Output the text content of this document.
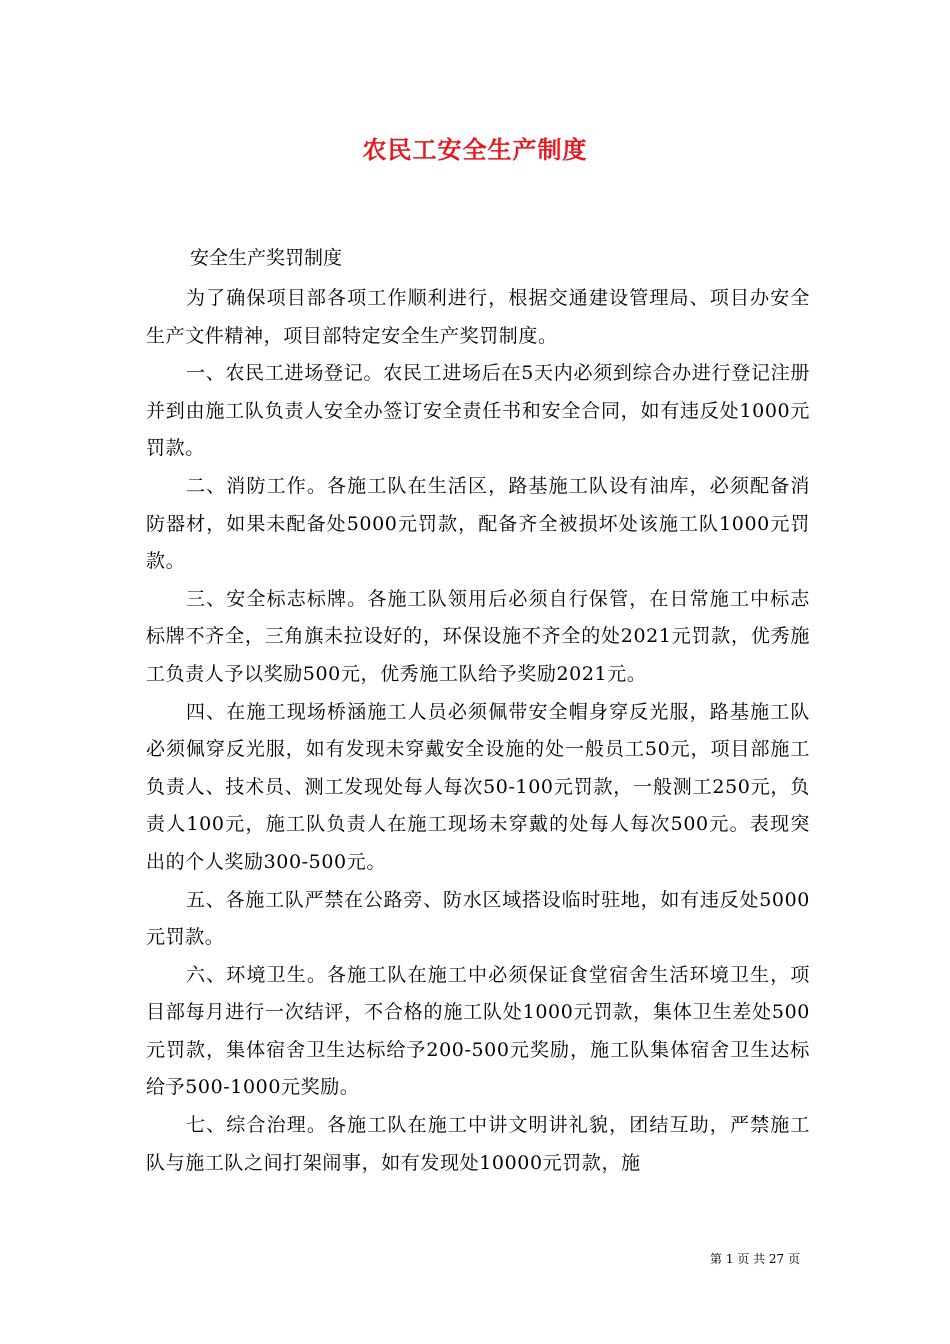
农民工安全生产制度
安全生产奖罚制度

为了确保项目部各项工作顺利进行，根据交通建设管理局、项目办安全生产文件精神，项目部特定安全生产奖罚制度。

一、农民工进场登记。农民工进场后在5天内必须到综合办进行登记注册并到由施工队负责人安全办签订安全责任书和安全合同，如有违反处1000元罚款。

二、消防工作。各施工队在生活区，路基施工队设有油库，必须配备消防器材，如果未配备处5000元罚款，配备齐全被损坏处该施工队1000元罚款。

三、安全标志标牌。各施工队领用后必须自行保管，在日常施工中标志标牌不齐全，三角旗未拉设好的，环保设施不齐全的处2021元罚款，优秀施工负责人予以奖励500元，优秀施工队给予奖励2021元。

四、在施工现场桥涵施工人员必须佩带安全帽身穿反光服，路基施工队必须佩穿反光服，如有发现未穿戴安全设施的处一般员工50元，项目部施工负责人、技术员、测工发现处每人每次50-100元罚款，一般测工250元，负责人100元，施工队负责人在施工现场未穿戴的处每人每次500元。表现突出的个人奖励300-500元。

五、各施工队严禁在公路旁、防水区域搭设临时驻地，如有违反处5000元罚款。

六、环境卫生。各施工队在施工中必须保证食堂宿舍生活环境卫生，项目部每月进行一次结评，不合格的施工队处1000元罚款，集体卫生差处500元罚款，集体宿舍卫生达标给予200-500元奖励，施工队集体宿舍卫生达标给予500-1000元奖励。

七、综合治理。各施工队在施工中讲文明讲礼貌，团结互助，严禁施工队与施工队之间打架闹事，如有发现处10000元罚款，施

第 1 页 共 27 页
